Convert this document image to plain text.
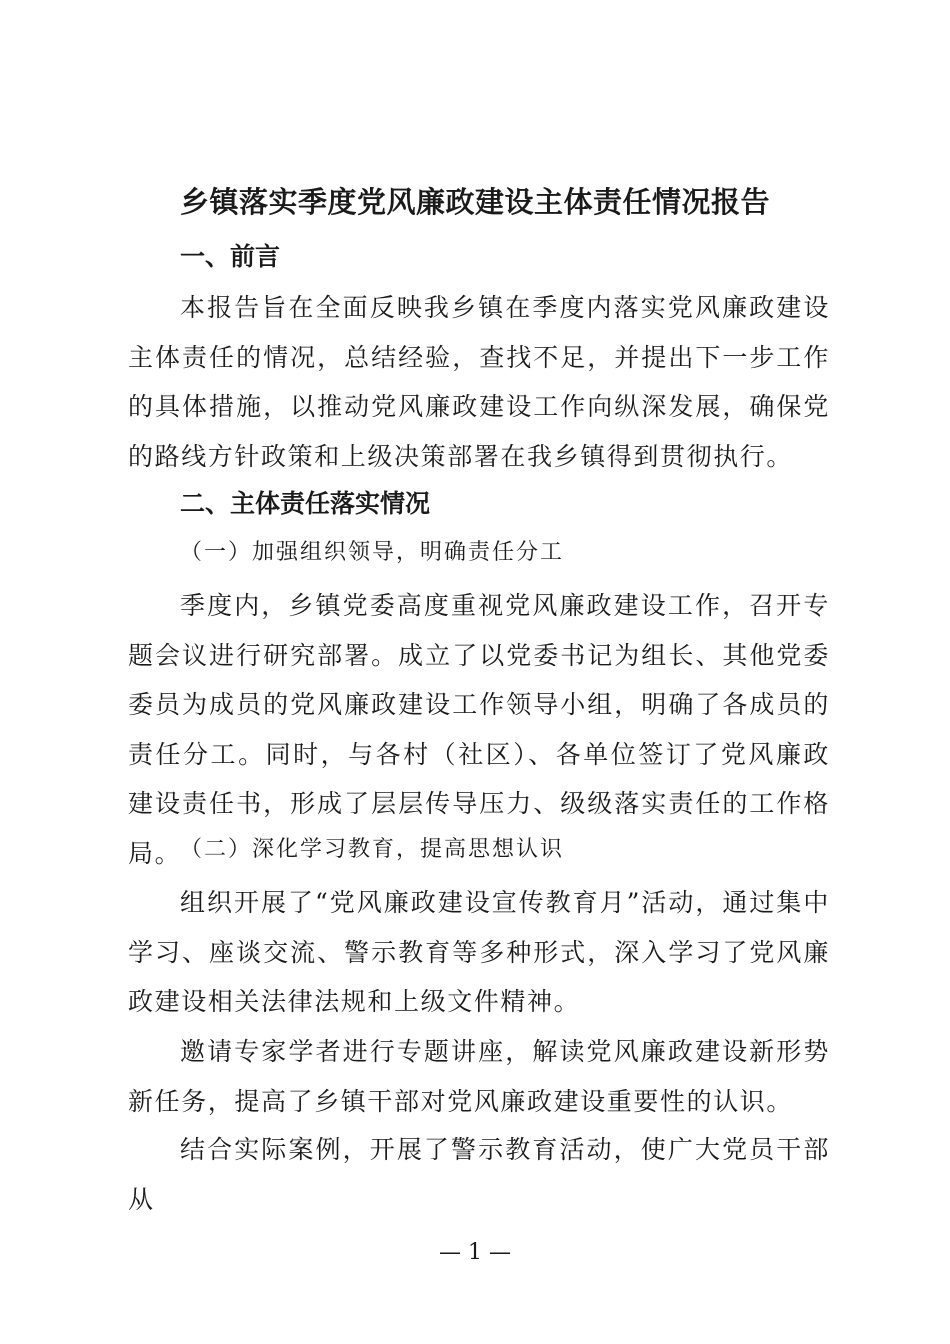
乡镇落实季度党风廉政建设主体责任情况报告
一、前言
本报告旨在全面反映我乡镇在季度内落实党风廉政建设主体责任的情况，总结经验，查找不足，并提出下一步工作的具体措施，以推动党风廉政建设工作向纵深发展，确保党的路线方针政策和上级决策部署在我乡镇得到贯彻执行。
二、主体责任落实情况
（一）加强组织领导，明确责任分工
季度内，乡镇党委高度重视党风廉政建设工作，召开专题会议进行研究部署。成立了以党委书记为组长、其他党委委员为成员的党风廉政建设工作领导小组，明确了各成员的责任分工。同时，与各村（社区）、各单位签订了党风廉政建设责任书，形成了层层传导压力、级级落实责任的工作格局。
（二）深化学习教育，提高思想认识
组织开展了“党风廉政建设宣传教育月”活动，通过集中学习、座谈交流、警示教育等多种形式，深入学习了党风廉政建设相关法律法规和上级文件精神。
邀请专家学者进行专题讲座，解读党风廉政建设新形势新任务，提高了乡镇干部对党风廉政建设重要性的认识。
结合实际案例，开展了警示教育活动，使广大党员干部从
— 1 —
